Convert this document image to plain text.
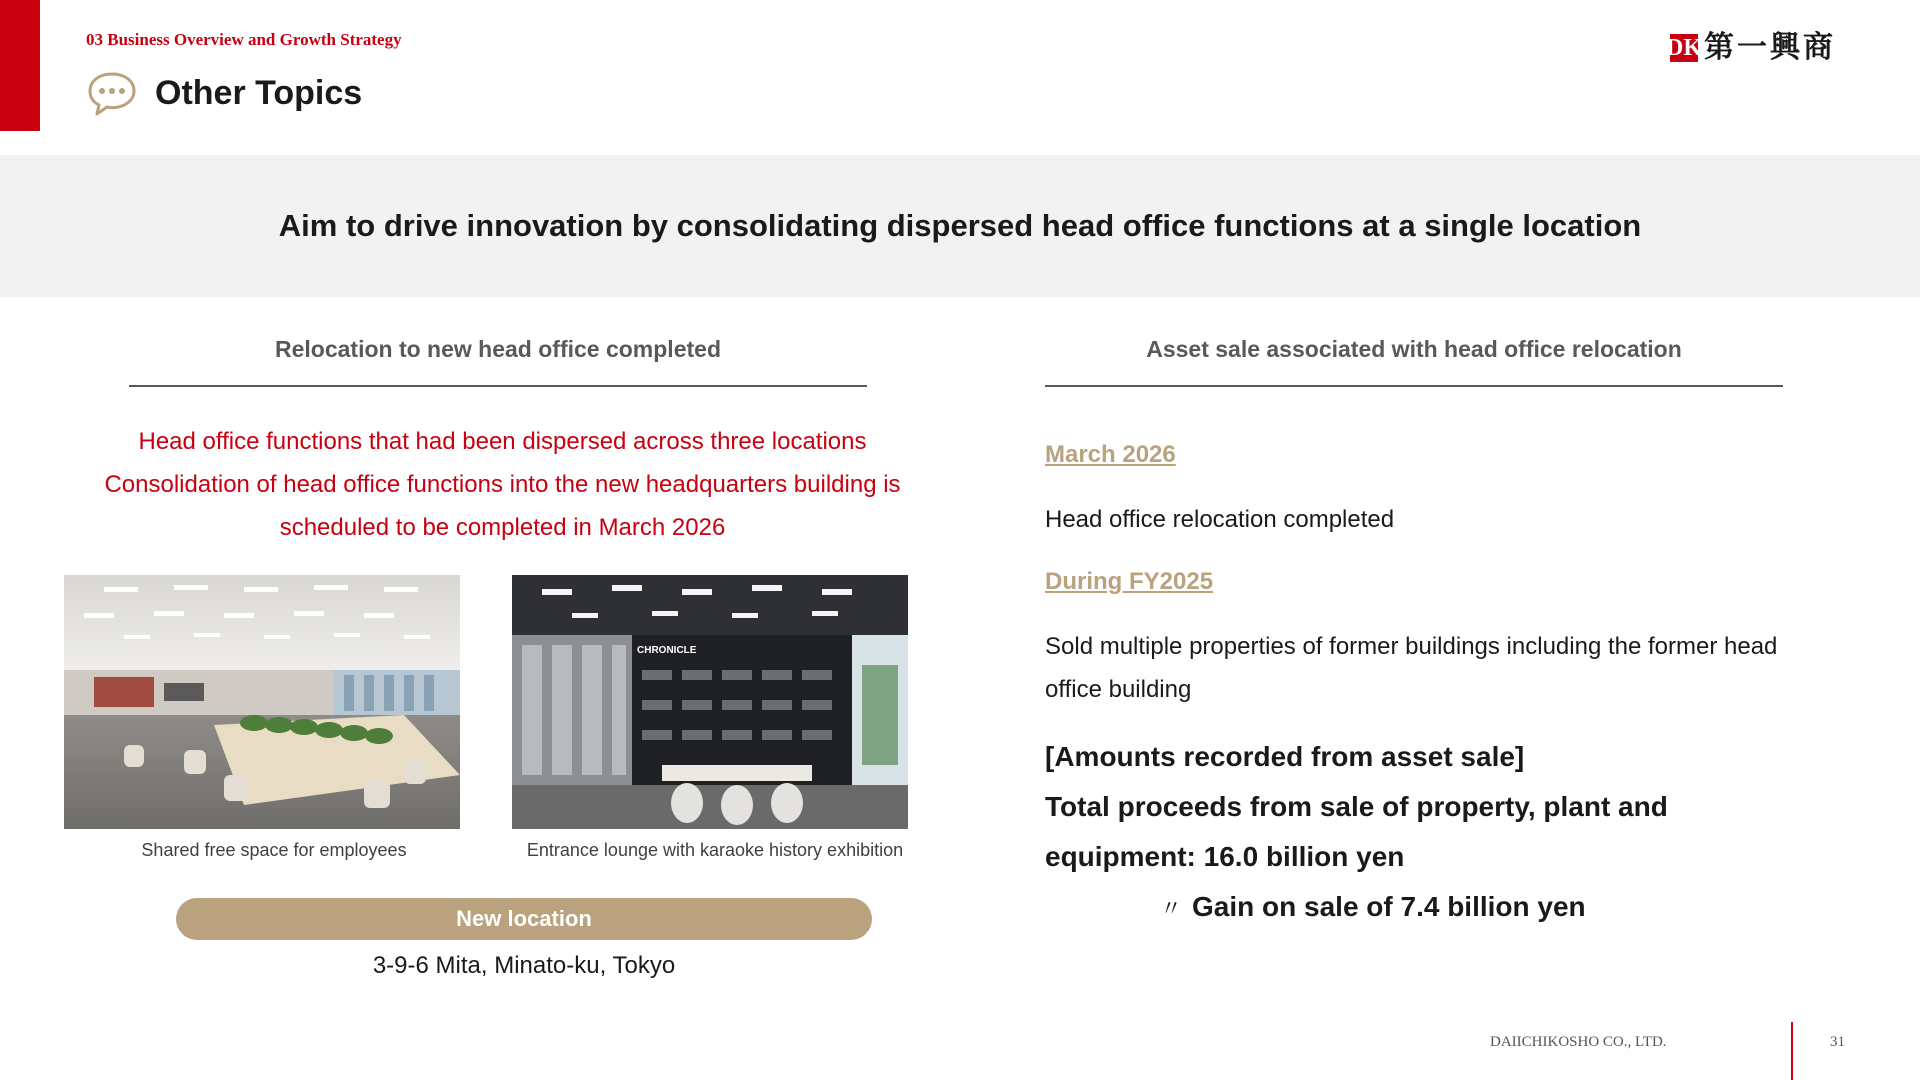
03 Business Overview and Growth Strategy
Other Topics
DK 第一興商
Aim to drive innovation by consolidating dispersed head office functions at a single location
Relocation to new head office completed	Asset sale associated with head office relocation
Head office functions that had been dispersed across three locations
Consolidation of head office functions into the new headquarters building is
scheduled to be completed in March 2026
CHRONICLE
Shared free space for employees	Entrance lounge with karaoke history exhibition
New location
3-9-6 Mita, Minato-ku, Tokyo
March 2026
Head office relocation completed
During FY2025
Sold multiple properties of former buildings including the former head
office building
[Amounts recorded from asset sale]
Total proceeds from sale of property, plant and
equipment: 16.0 billion yen
〃 Gain on sale of 7.4 billion yen
DAIICHIKOSHO CO., LTD.	31
